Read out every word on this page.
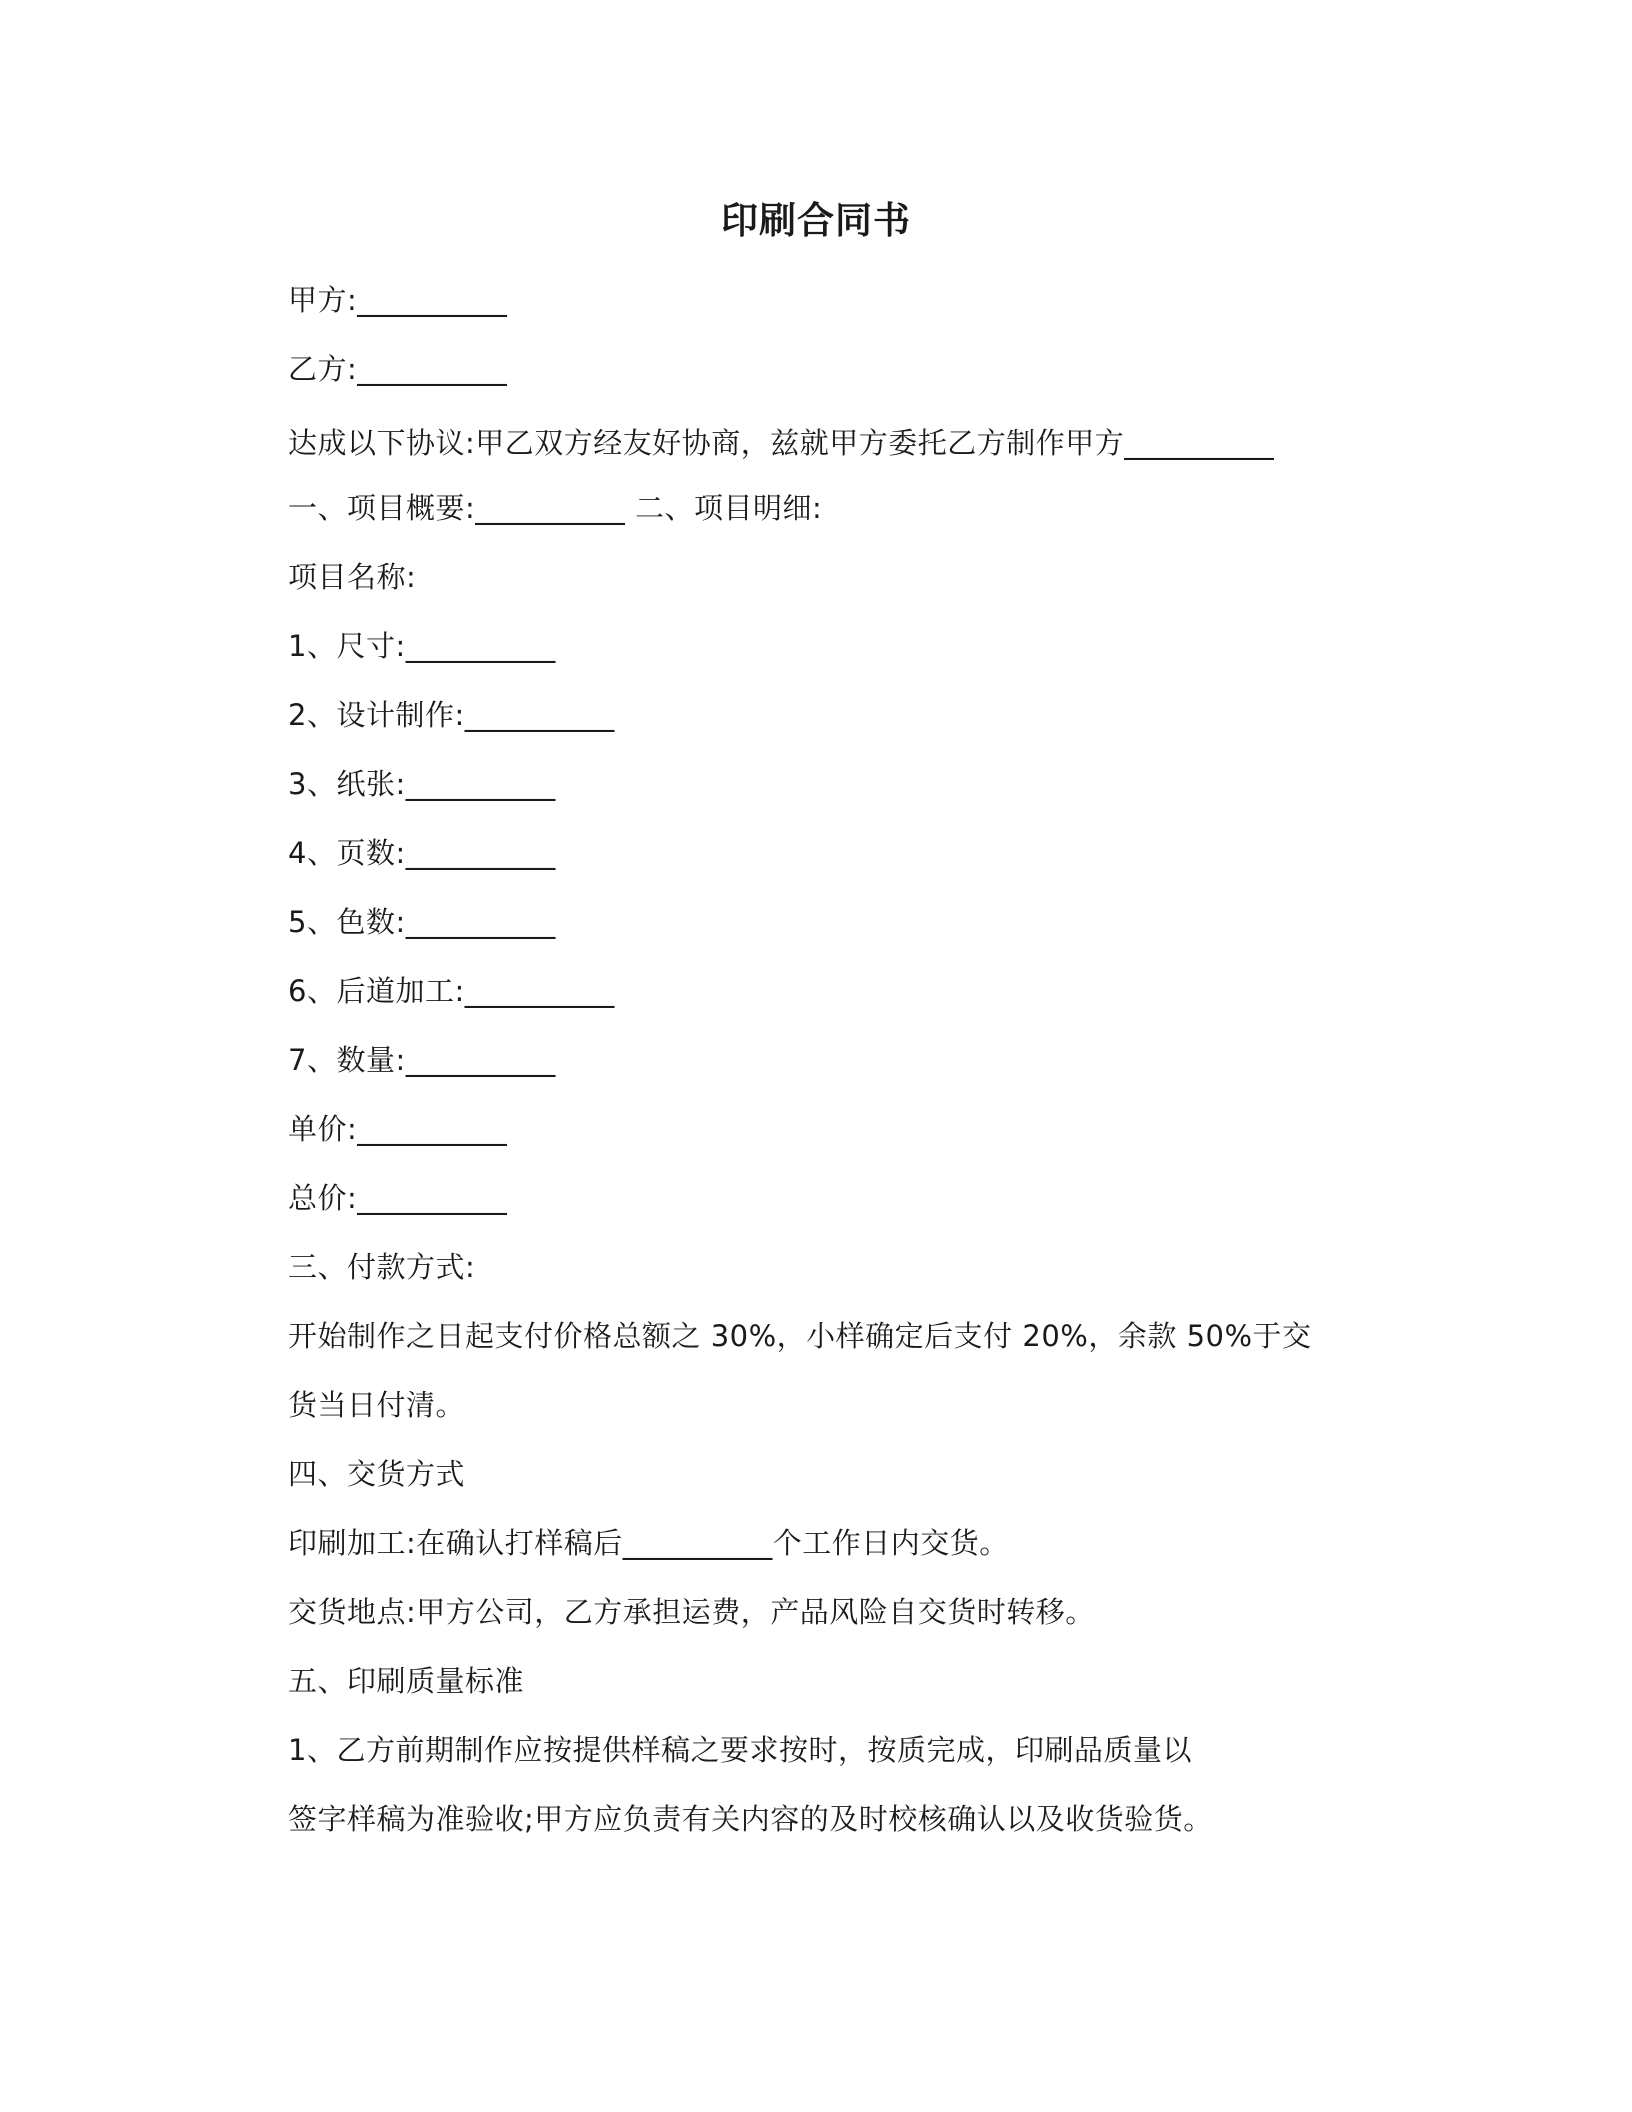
印刷合同书
甲方:__________
乙方:__________
达成以下协议:甲乙双方经友好协商，兹就甲方委托乙方制作甲方__________
一、项目概要:__________ 二、项目明细:
项目名称:
1、尺寸:__________
2、设计制作:__________
3、纸张:__________
4、页数:__________
5、色数:__________
6、后道加工:__________
7、数量:__________
单价:__________
总价:__________
三、付款方式:
开始制作之日起支付价格总额之 30%，小样确定后支付 20%，余款 50%于交
货当日付清。
四、交货方式
印刷加工:在确认打样稿后__________个工作日内交货。
交货地点:甲方公司，乙方承担运费，产品风险自交货时转移。
五、印刷质量标准
1、乙方前期制作应按提供样稿之要求按时，按质完成，印刷品质量以
签字样稿为准验收;甲方应负责有关内容的及时校核确认以及收货验货。
